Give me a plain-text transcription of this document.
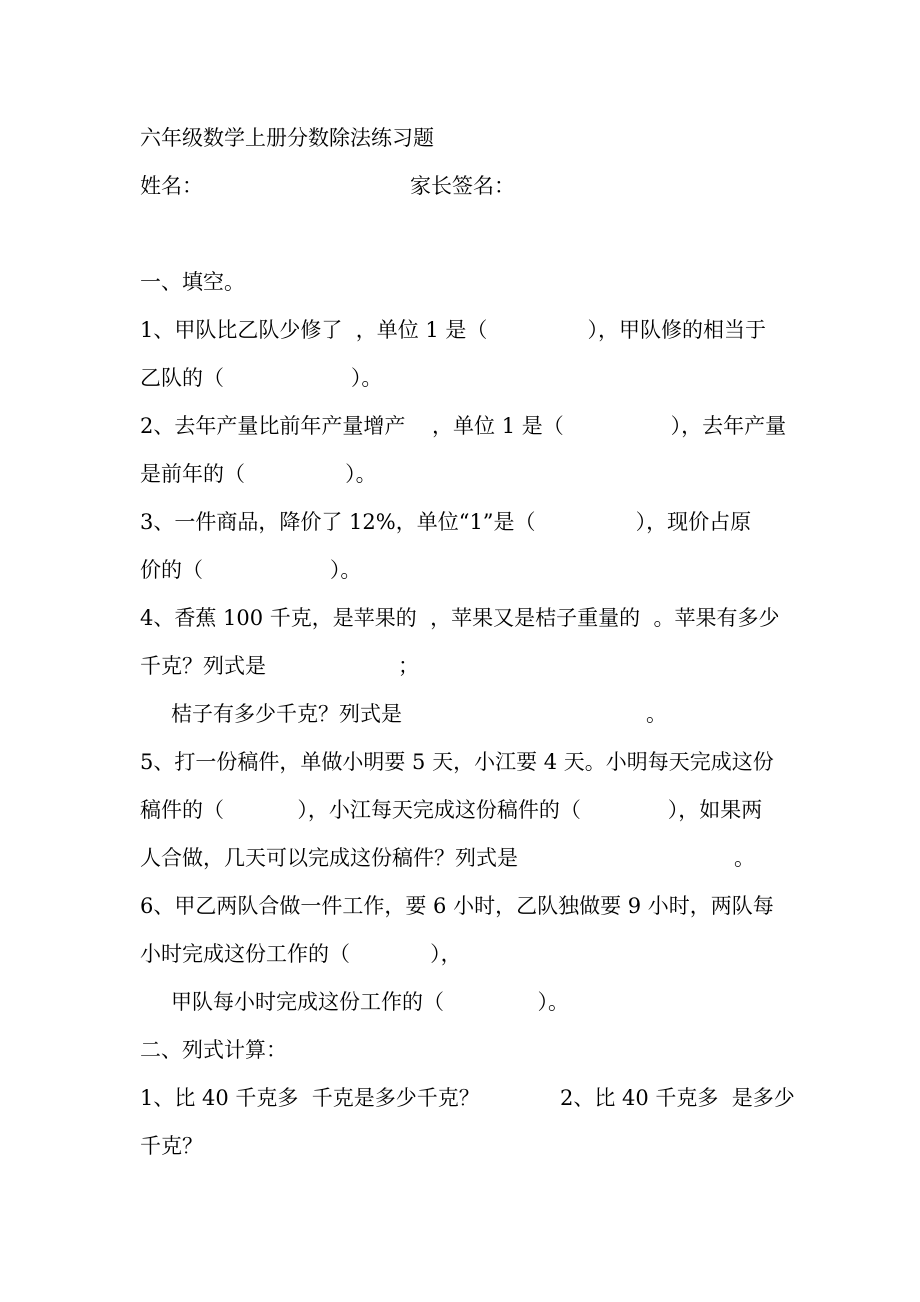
六年级数学上册分数除法练习题
姓名：	家长签名：
一、填空。
1、甲队比乙队少修了  ，单位 1 是（               ），甲队修的相当于
乙队的（                   ）。
2、去年产量比前年产量增产    ，单位 1 是（                ），去年产量
是前年的（               ）。
3、一件商品，降价了 12%，单位“1”是（               ），现价占原
价的（                   ）。
4、香蕉 100 千克，是苹果的  ，苹果又是桔子重量的  。苹果有多少
千克？列式是	；
桔子有多少千克？列式是	。
5、打一份稿件，单做小明要 5 天，小江要 4 天。小明每天完成这份
稿件的（           ），小江每天完成这份稿件的（             ），如果两
人合做，几天可以完成这份稿件？列式是	。
6、甲乙两队合做一件工作，要 6 小时，乙队独做要 9 小时，两队每
小时完成这份工作的（            ），
甲队每小时完成这份工作的（              ）。
二、列式计算：
1、比 40 千克多  千克是多少千克？	2、比 40 千克多  是多少
千克？
